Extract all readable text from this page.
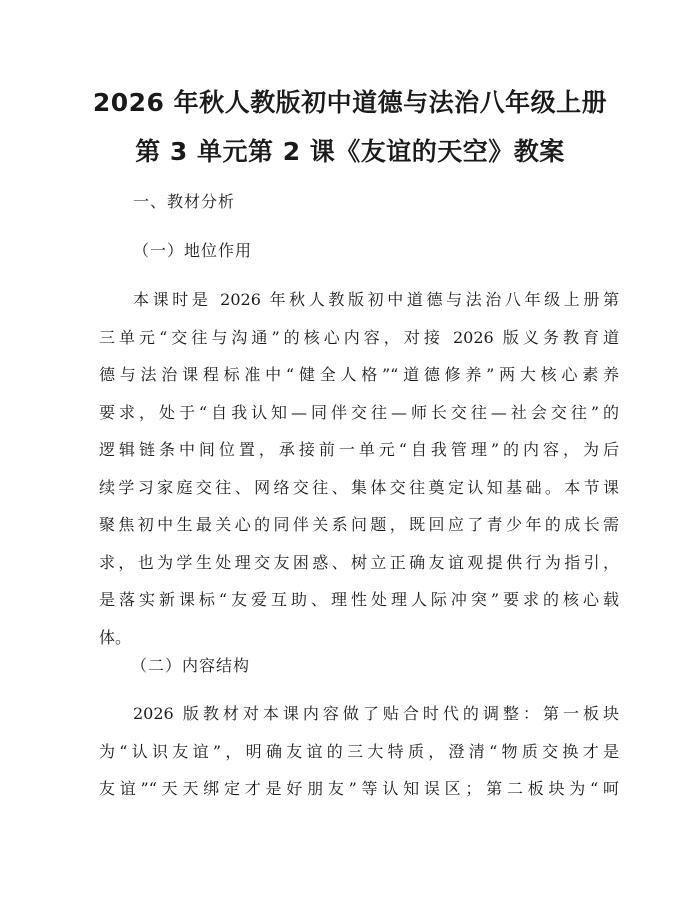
2026 年秋人教版初中道德与法治八年级上册
第 3 单元第 2 课《友谊的天空》教案
一、教材分析
（一）地位作用
本课时是 2026 年秋人教版初中道德与法治八年级上册第
三单元“交往与沟通”的核心内容，对接 2026 版义务教育道
德与法治课程标准中“健全人格”“道德修养”两大核心素养
要求，处于“自我认知—同伴交往—师长交往—社会交往”的
逻辑链条中间位置，承接前一单元“自我管理”的内容，为后
续学习家庭交往、网络交往、集体交往奠定认知基础。本节课
聚焦初中生最关心的同伴关系问题，既回应了青少年的成长需
求，也为学生处理交友困惑、树立正确友谊观提供行为指引，
是落实新课标“友爱互助、理性处理人际冲突”要求的核心载
体。
（二）内容结构
2026 版教材对本课内容做了贴合时代的调整：第一板块
为“认识友谊”，明确友谊的三大特质，澄清“物质交换才是
友谊”“天天绑定才是好朋友”等认知误区；第二板块为“呵
